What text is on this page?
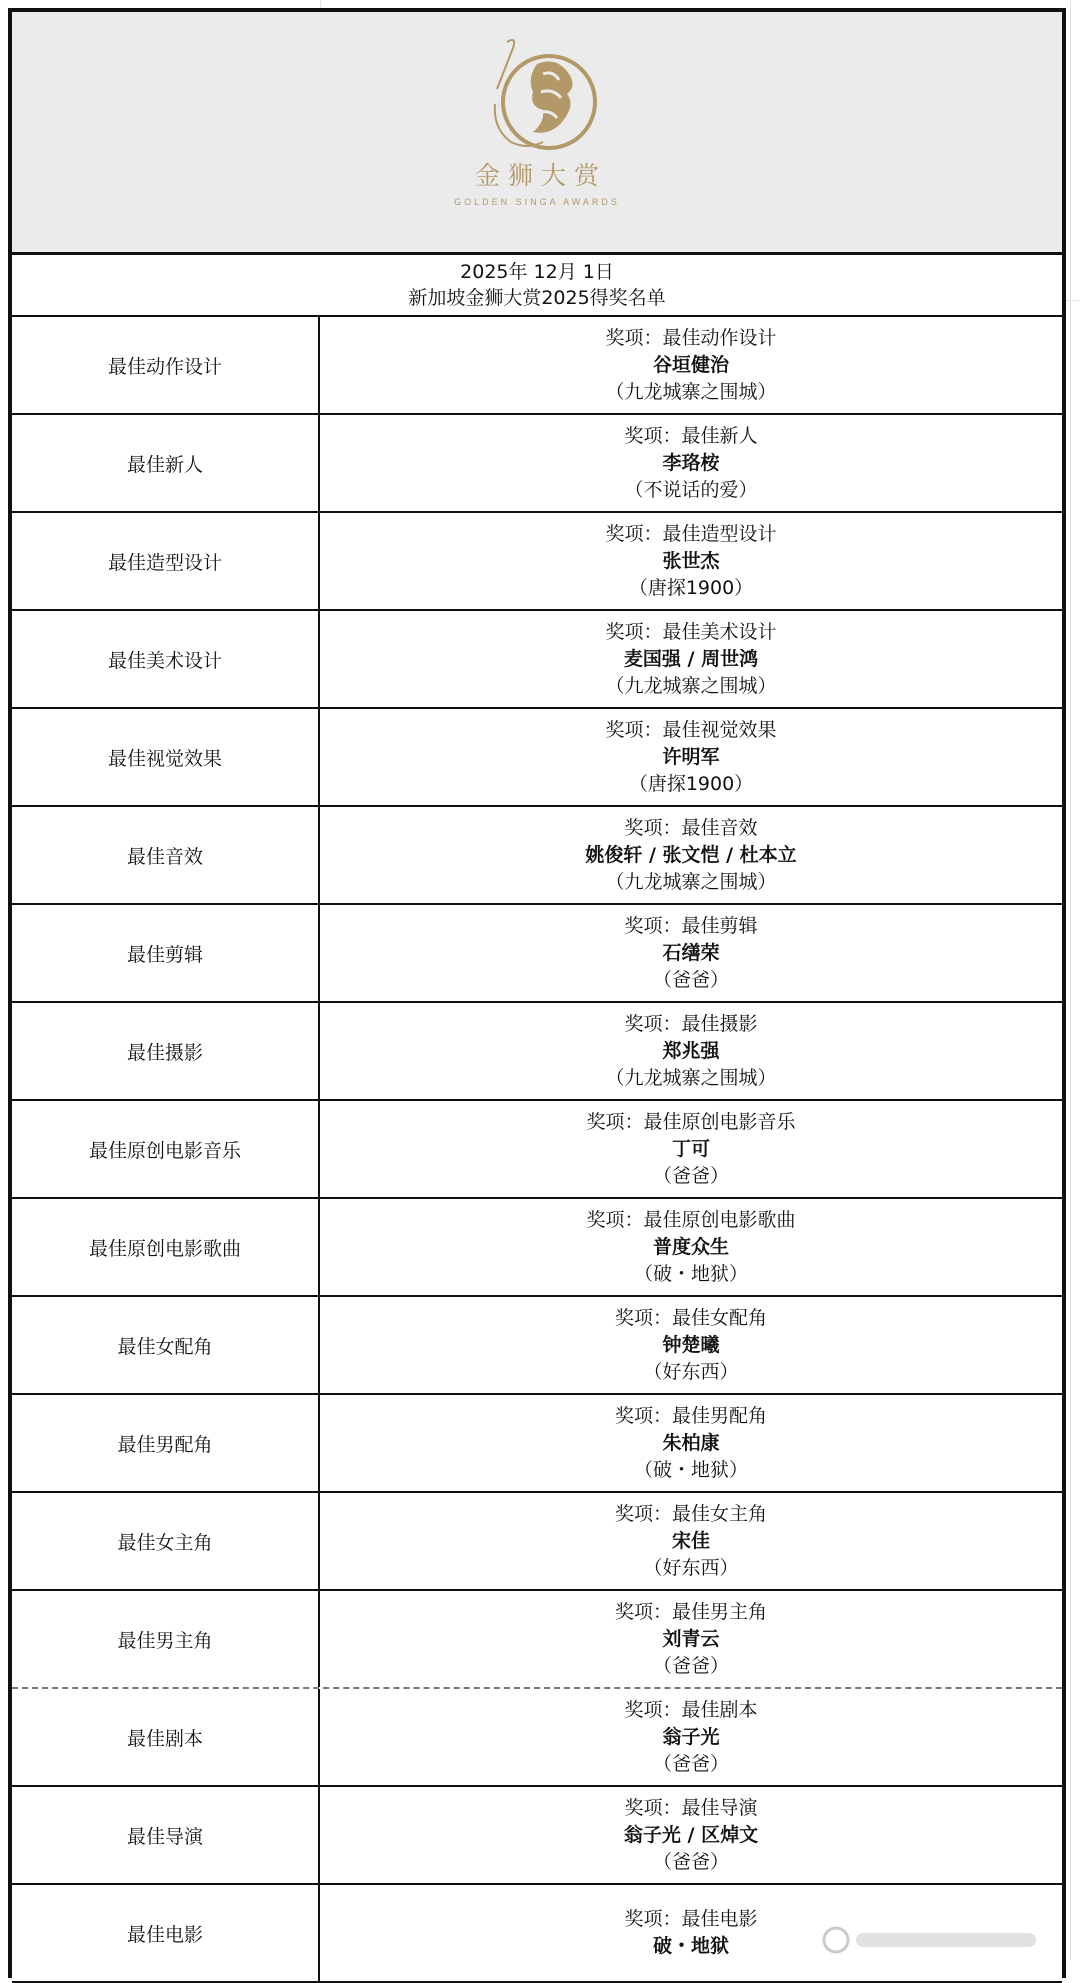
30
金狮大赏
GOLDEN SINGA AWARDS
2025年 12月 1日
新加坡金狮大赏2025得奖名单
最佳动作设计
奖项：最佳动作设计
谷垣健治
（九龙城寨之围城）
最佳新人
奖项：最佳新人
李珞桉
（不说话的爱）
最佳造型设计
奖项：最佳造型设计
张世杰
（唐探1900）
最佳美术设计
奖项：最佳美术设计
麦国强 / 周世鸿
（九龙城寨之围城）
最佳视觉效果
奖项：最佳视觉效果
许明军
（唐探1900）
最佳音效
奖项：最佳音效
姚俊轩 / 张文恺 / 杜本立
（九龙城寨之围城）
最佳剪辑
奖项：最佳剪辑
石缮荣
（爸爸）
最佳摄影
奖项：最佳摄影
郑兆强
（九龙城寨之围城）
最佳原创电影音乐
奖项：最佳原创电影音乐
丁可
（爸爸）
最佳原创电影歌曲
奖项：最佳原创电影歌曲
普度众生
（破・地狱）
最佳女配角
奖项：最佳女配角
钟楚曦
（好东西）
最佳男配角
奖项：最佳男配角
朱柏康
（破・地狱）
最佳女主角
奖项：最佳女主角
宋佳
（好东西）
最佳男主角
奖项：最佳男主角
刘青云
（爸爸）
最佳剧本
奖项：最佳剧本
翁子光
（爸爸）
最佳导演
奖项：最佳导演
翁子光 / 区焯文
（爸爸）
最佳电影
奖项：最佳电影
破・地狱
